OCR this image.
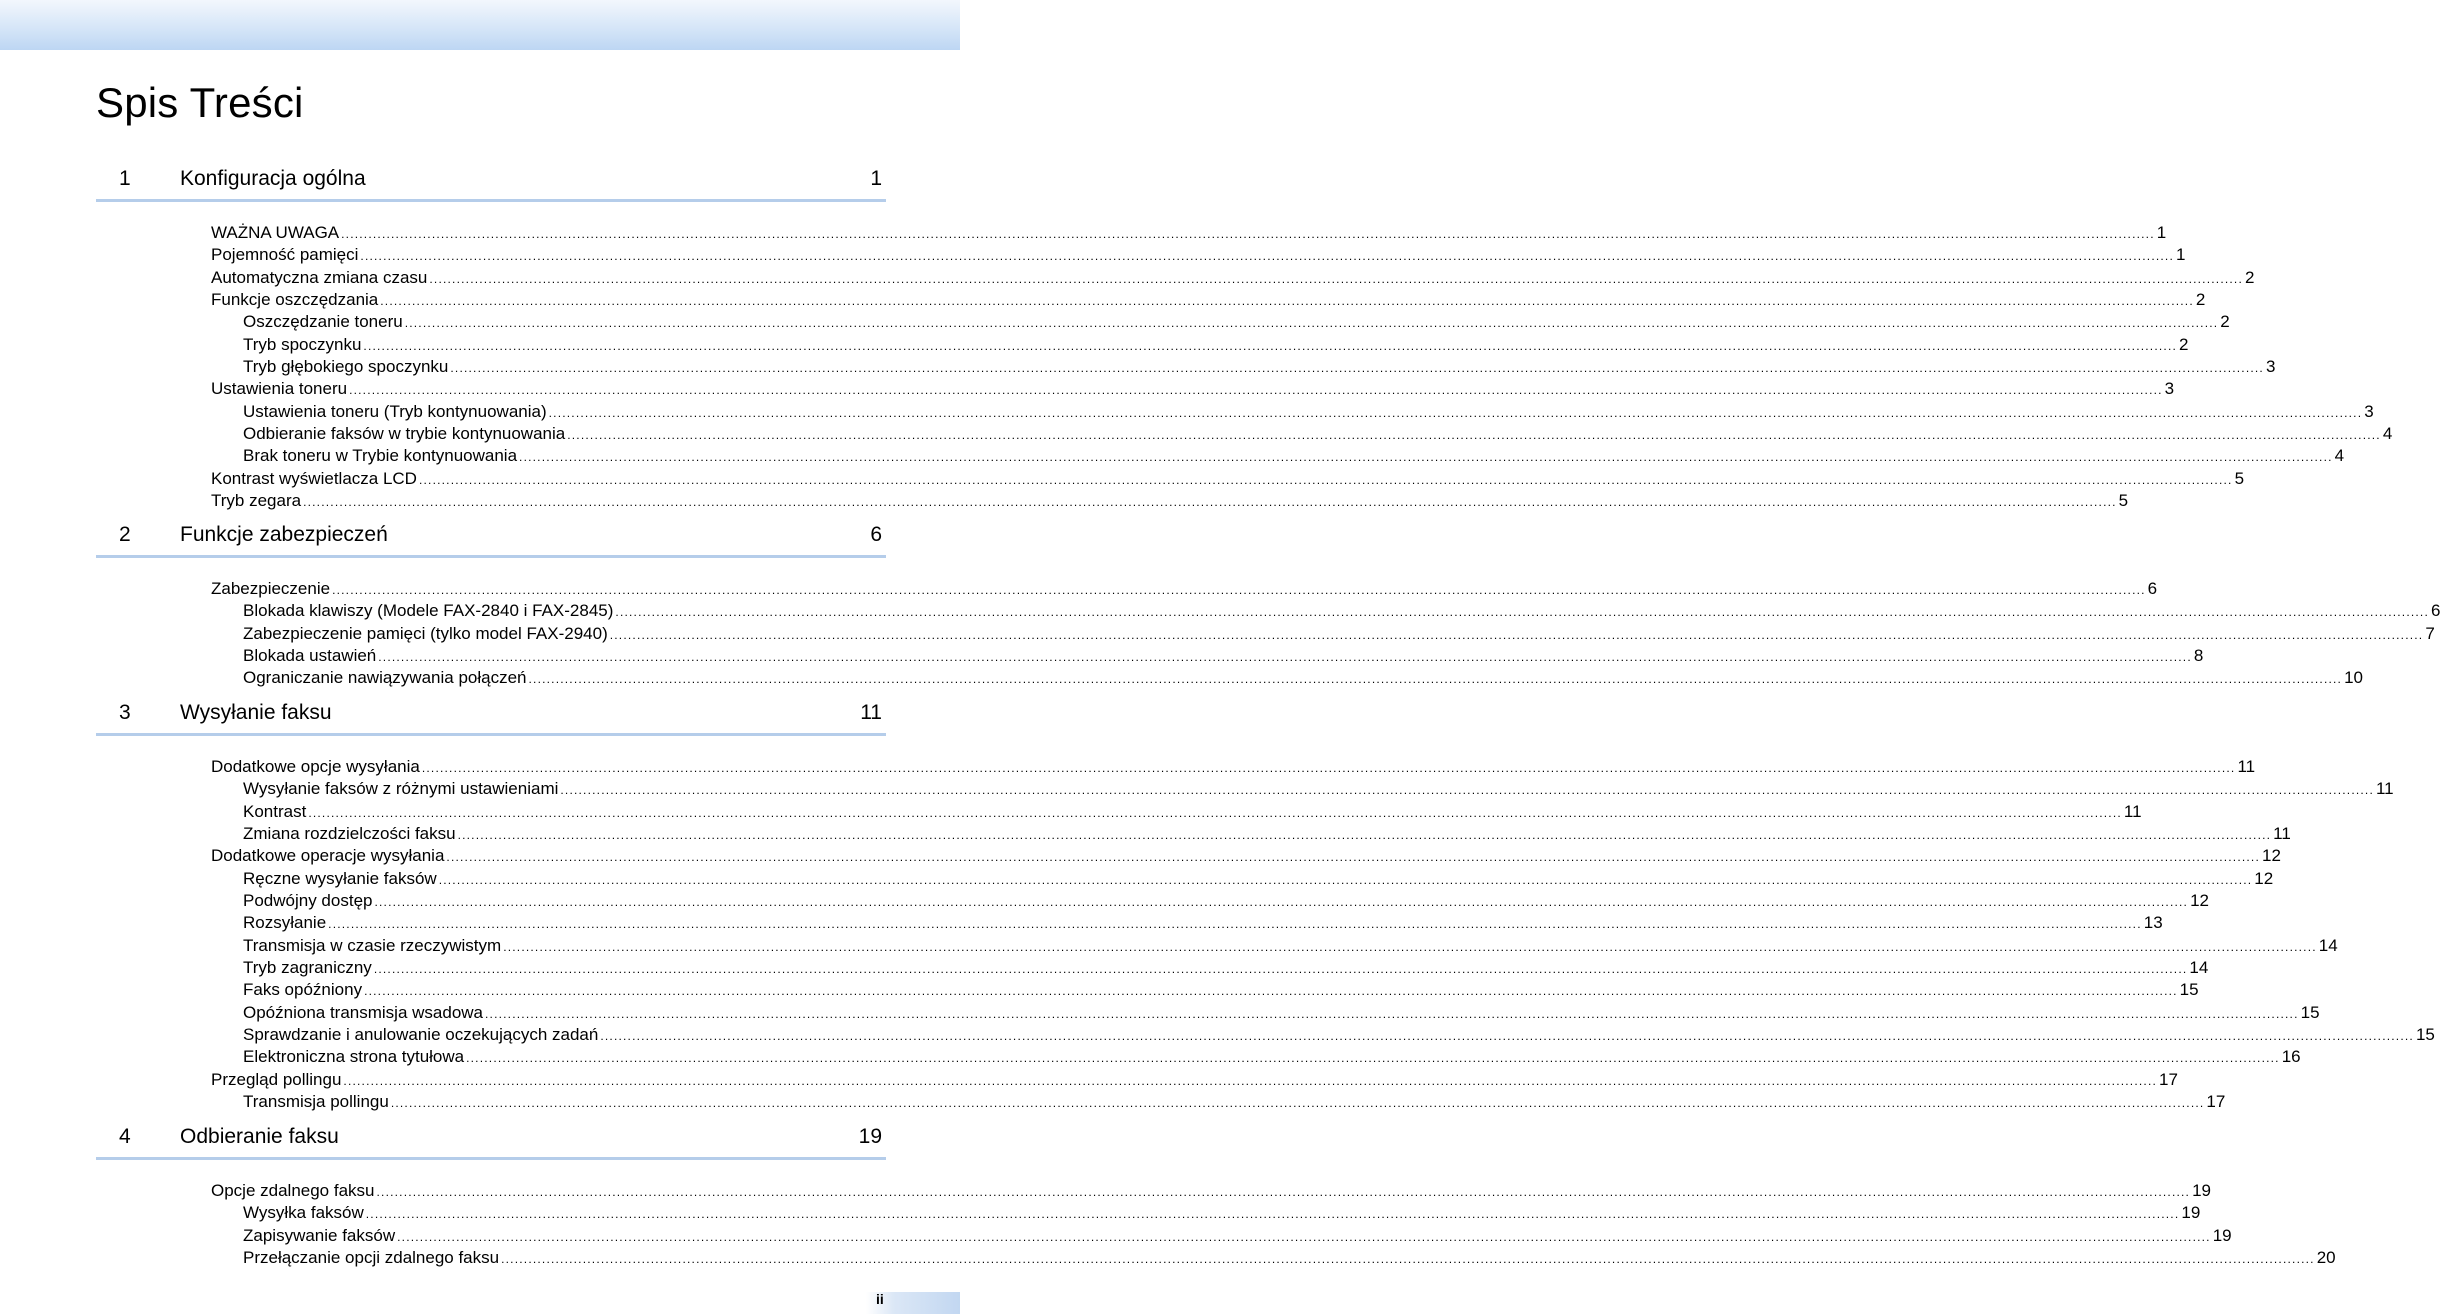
Spis Treści
1 Konfiguracja ogólna	1
WAŻNA UWAGA ................................................................................................................................................................................................................................................................................................................................................................................................................ 1
Pojemność pamięci ................................................................................................................................................................................................................................................................................................................................................................................................................ 1
Automatyczna zmiana czasu ................................................................................................................................................................................................................................................................................................................................................................................................................ 2
Funkcje oszczędzania ................................................................................................................................................................................................................................................................................................................................................................................................................ 2
Oszczędzanie toneru ................................................................................................................................................................................................................................................................................................................................................................................................................ 2
Tryb spoczynku ................................................................................................................................................................................................................................................................................................................................................................................................................ 2
Tryb głębokiego spoczynku ................................................................................................................................................................................................................................................................................................................................................................................................................ 3
Ustawienia toneru ................................................................................................................................................................................................................................................................................................................................................................................................................ 3
Ustawienia toneru (Tryb kontynuowania) ................................................................................................................................................................................................................................................................................................................................................................................................................ 3
Odbieranie faksów w trybie kontynuowania ................................................................................................................................................................................................................................................................................................................................................................................................................ 4
Brak toneru w Trybie kontynuowania ................................................................................................................................................................................................................................................................................................................................................................................................................ 4
Kontrast wyświetlacza LCD ................................................................................................................................................................................................................................................................................................................................................................................................................ 5
Tryb zegara ................................................................................................................................................................................................................................................................................................................................................................................................................ 5
2 Funkcje zabezpieczeń	6
Zabezpieczenie ................................................................................................................................................................................................................................................................................................................................................................................................................ 6
Blokada klawiszy (Modele FAX-2840 i FAX-2845) ................................................................................................................................................................................................................................................................................................................................................................................................................ 6
Zabezpieczenie pamięci (tylko model FAX-2940) ................................................................................................................................................................................................................................................................................................................................................................................................................ 7
Blokada ustawień ................................................................................................................................................................................................................................................................................................................................................................................................................ 8
Ograniczanie nawiązywania połączeń ................................................................................................................................................................................................................................................................................................................................................................................................................ 10
3 Wysyłanie faksu	11
Dodatkowe opcje wysyłania ................................................................................................................................................................................................................................................................................................................................................................................................................ 11
Wysyłanie faksów z różnymi ustawieniami ................................................................................................................................................................................................................................................................................................................................................................................................................ 11
Kontrast ................................................................................................................................................................................................................................................................................................................................................................................................................ 11
Zmiana rozdzielczości faksu ................................................................................................................................................................................................................................................................................................................................................................................................................ 11
Dodatkowe operacje wysyłania ................................................................................................................................................................................................................................................................................................................................................................................................................ 12
Ręczne wysyłanie faksów ................................................................................................................................................................................................................................................................................................................................................................................................................ 12
Podwójny dostęp ................................................................................................................................................................................................................................................................................................................................................................................................................ 12
Rozsyłanie ................................................................................................................................................................................................................................................................................................................................................................................................................ 13
Transmisja w czasie rzeczywistym ................................................................................................................................................................................................................................................................................................................................................................................................................ 14
Tryb zagraniczny ................................................................................................................................................................................................................................................................................................................................................................................................................ 14
Faks opóźniony ................................................................................................................................................................................................................................................................................................................................................................................................................ 15
Opóźniona transmisja wsadowa ................................................................................................................................................................................................................................................................................................................................................................................................................ 15
Sprawdzanie i anulowanie oczekujących zadań ................................................................................................................................................................................................................................................................................................................................................................................................................ 15
Elektroniczna strona tytułowa ................................................................................................................................................................................................................................................................................................................................................................................................................ 16
Przegląd pollingu ................................................................................................................................................................................................................................................................................................................................................................................................................ 17
Transmisja pollingu ................................................................................................................................................................................................................................................................................................................................................................................................................ 17
4 Odbieranie faksu	19
Opcje zdalnego faksu ................................................................................................................................................................................................................................................................................................................................................................................................................ 19
Wysyłka faksów ................................................................................................................................................................................................................................................................................................................................................................................................................ 19
Zapisywanie faksów ................................................................................................................................................................................................................................................................................................................................................................................................................ 19
Przełączanie opcji zdalnego faksu ................................................................................................................................................................................................................................................................................................................................................................................................................ 20
ii
